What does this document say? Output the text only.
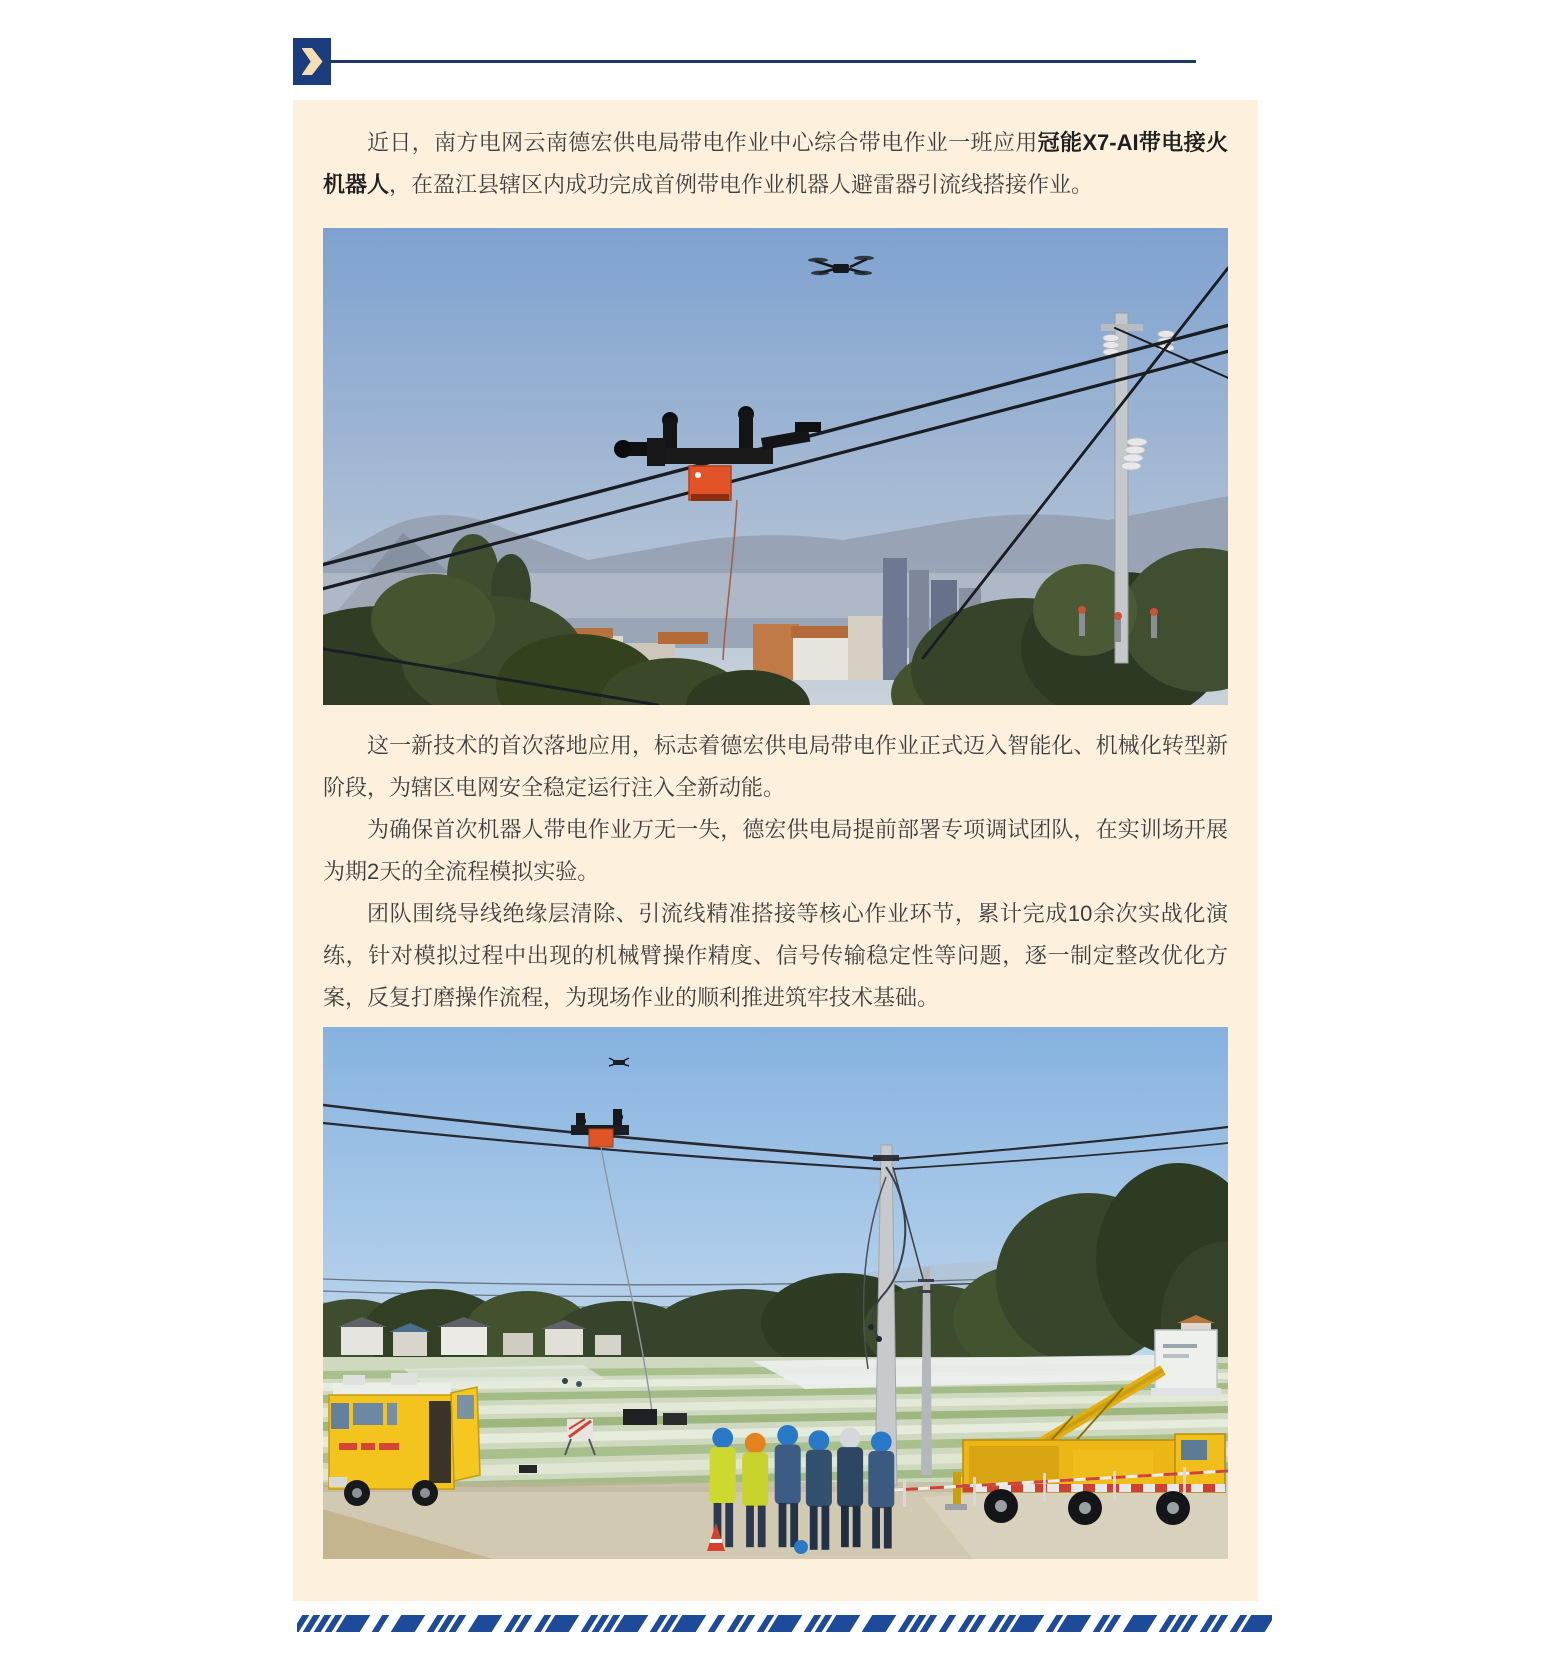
近日，南方电网云南德宏供电局带电作业中心综合带电作业一班应用冠能X7-AI带电接火机器人，在盈江县辖区内成功完成首例带电作业机器人避雷器引流线搭接作业。

这一新技术的首次落地应用，标志着德宏供电局带电作业正式迈入智能化、机械化转型新阶段，为辖区电网安全稳定运行注入全新动能。

为确保首次机器人带电作业万无一失，德宏供电局提前部署专项调试团队，在实训场开展为期2天的全流程模拟实验。

团队围绕导线绝缘层清除、引流线精准搭接等核心作业环节，累计完成10余次实战化演练，针对模拟过程中出现的机械臂操作精度、信号传输稳定性等问题，逐一制定整改优化方案，反复打磨操作流程，为现场作业的顺利推进筑牢技术基础。
